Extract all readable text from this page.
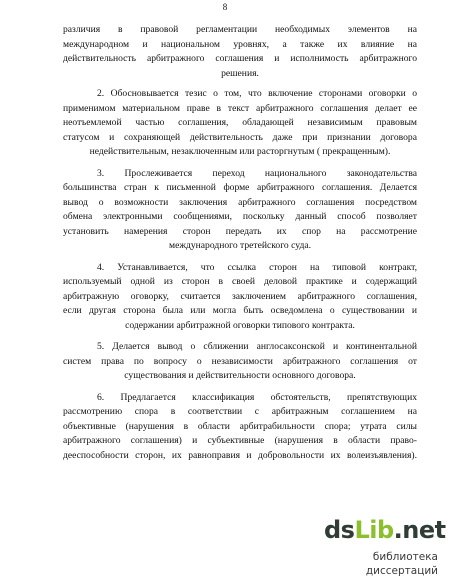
8

различия в правовой регламентации необходимых элементов на

международном и национальном уровнях, а также их влияние на

действительность арбитражного соглашения и исполнимость арбитражного

решения.

2. Обосновывается тезис о том, что включение сторонами оговорки о

применимом материальном праве в текст арбитражного соглашения делает ее

неотъемлемой частью соглашения, обладающей независимым правовым

статусом и сохраняющей действительность даже при признании договора

недействительным, незаключенным или расторгнутым ( прекращенным).

3. Прослеживается переход национального законодательства

большинства стран к письменной форме арбитражного соглашения. Делается

вывод о возможности заключения арбитражного соглашения посредством

обмена электронными сообщениями, поскольку данный способ позволяет

установить намерения сторон передать их спор на рассмотрение

международного третейского суда.

4. Устанавливается, что ссылка сторон на типовой контракт,

используемый одной из сторон в своей деловой практике и содержащий

арбитражную оговорку, считается заключением арбитражного соглашения,

если другая сторона была или могла быть осведомлена о существовании и

содержании арбитражной оговорки типового контракта.

5. Делается вывод о сближении англосаксонской и континентальной

систем права по вопросу о независимости арбитражного соглашения от

существования и действительности основного договора.

6. Предлагается классификация обстоятельств, препятствующих

рассмотрению спора в соответствии с арбитражным соглашением на

объективные (нарушения в области арбитрабильности спора; утрата силы

арбитражного соглашения) и субъективные (нарушения в области право-

дееспособности сторон, их равноправия и добровольности их волеизъявления).

dsLib.net
библиотека диссертаций
